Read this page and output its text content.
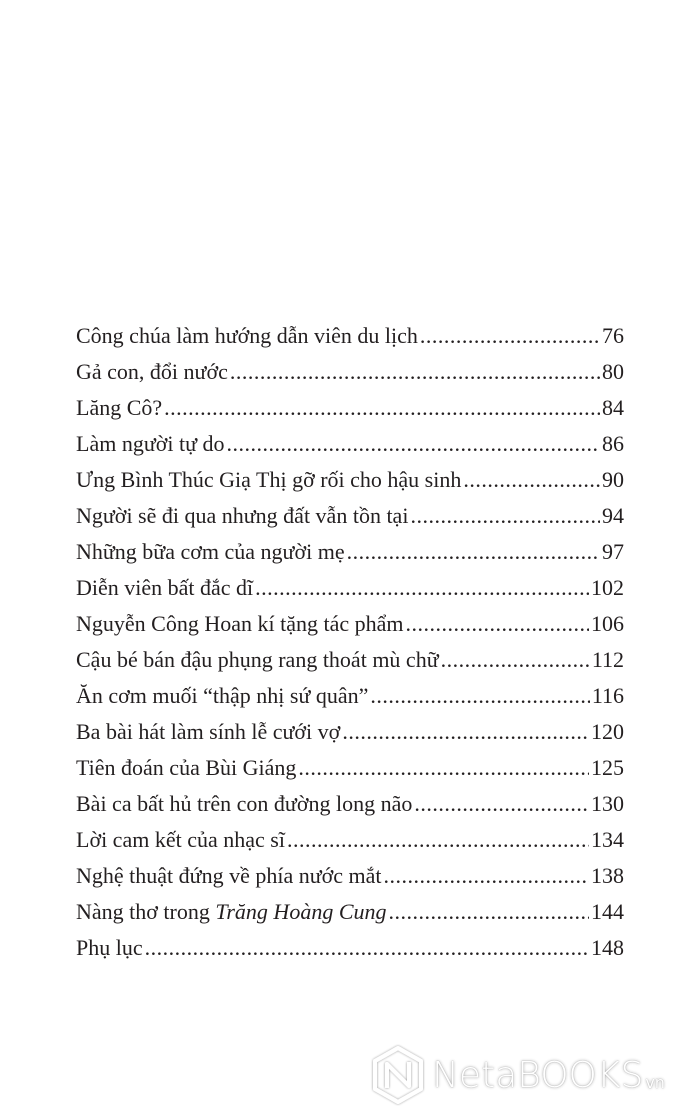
Công chúa làm hướng dẫn viên du lịch .....	76
Gả con, đổi nước .....	80
Lăng Cô? .....	84
Làm người tự do .....	86
Ưng Bình Thúc Giạ Thị gỡ rối cho hậu sinh .....	90
Người sẽ đi qua nhưng đất vẫn tồn tại .....	94
Những bữa cơm của người mẹ .....	97
Diễn viên bất đắc dĩ .....	102
Nguyễn Công Hoan kí tặng tác phẩm .....	106
Cậu bé bán đậu phụng rang thoát mù chữ .....	112
Ăn cơm muối “thập nhị sứ quân” .....	116
Ba bài hát làm sính lễ cưới vợ .....	120
Tiên đoán của Bùi Giáng .....	125
Bài ca bất hủ trên con đường long não .....	130
Lời cam kết của nhạc sĩ .....	134
Nghệ thuật đứng về phía nước mắt .....	138
Nàng thơ trong Trăng Hoàng Cung .....	144
Phụ lục .....	148
NetaBOOKS vn
